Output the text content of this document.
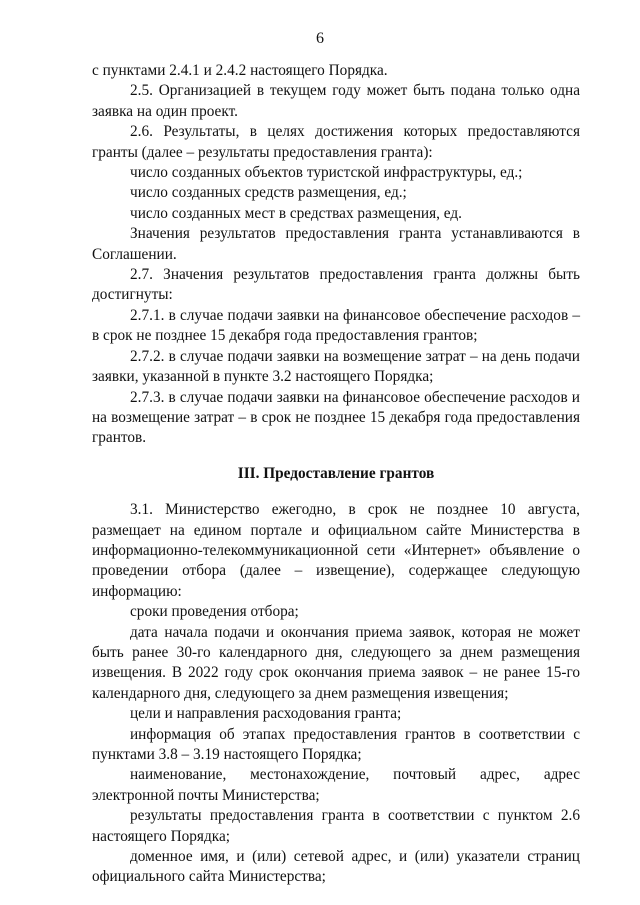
6

с пунктами 2.4.1 и 2.4.2 настоящего Порядка.

2.5. Организацией в текущем году может быть подана только одна заявка на один проект.

2.6. Результаты, в целях достижения которых предоставляются гранты (далее – результаты предоставления гранта):

число созданных объектов туристской инфраструктуры, ед.;

число созданных средств размещения, ед.;

число созданных мест в средствах размещения, ед.

Значения результатов предоставления гранта устанавливаются в Соглашении.

2.7. Значения результатов предоставления гранта должны быть достигнуты:

2.7.1. в случае подачи заявки на финансовое обеспечение расходов – в срок не позднее 15 декабря года предоставления грантов;

2.7.2. в случае подачи заявки на возмещение затрат – на день подачи заявки, указанной в пункте 3.2 настоящего Порядка;

2.7.3. в случае подачи заявки на финансовое обеспечение расходов и на возмещение затрат – в срок не позднее 15 декабря года предоставления грантов.

III. Предоставление грантов

3.1. Министерство ежегодно, в срок не позднее 10 августа, размещает на едином портале и официальном сайте Министерства в информационно-телекоммуникационной сети «Интернет» объявление о проведении отбора (далее – извещение), содержащее следующую информацию:

сроки проведения отбора;

дата начала подачи и окончания приема заявок, которая не может быть ранее 30-го календарного дня, следующего за днем размещения извещения. В 2022 году срок окончания приема заявок – не ранее 15-го календарного дня, следующего за днем размещения извещения;

цели и направления расходования гранта;

информация об этапах предоставления грантов в соответствии с пунктами 3.8 – 3.19 настоящего Порядка;

наименование, местонахождение, почтовый адрес, адрес электронной почты Министерства;

результаты предоставления гранта в соответствии с пунктом 2.6 настоящего Порядка;

доменное имя, и (или) сетевой адрес, и (или) указатели страниц официального сайта Министерства;
